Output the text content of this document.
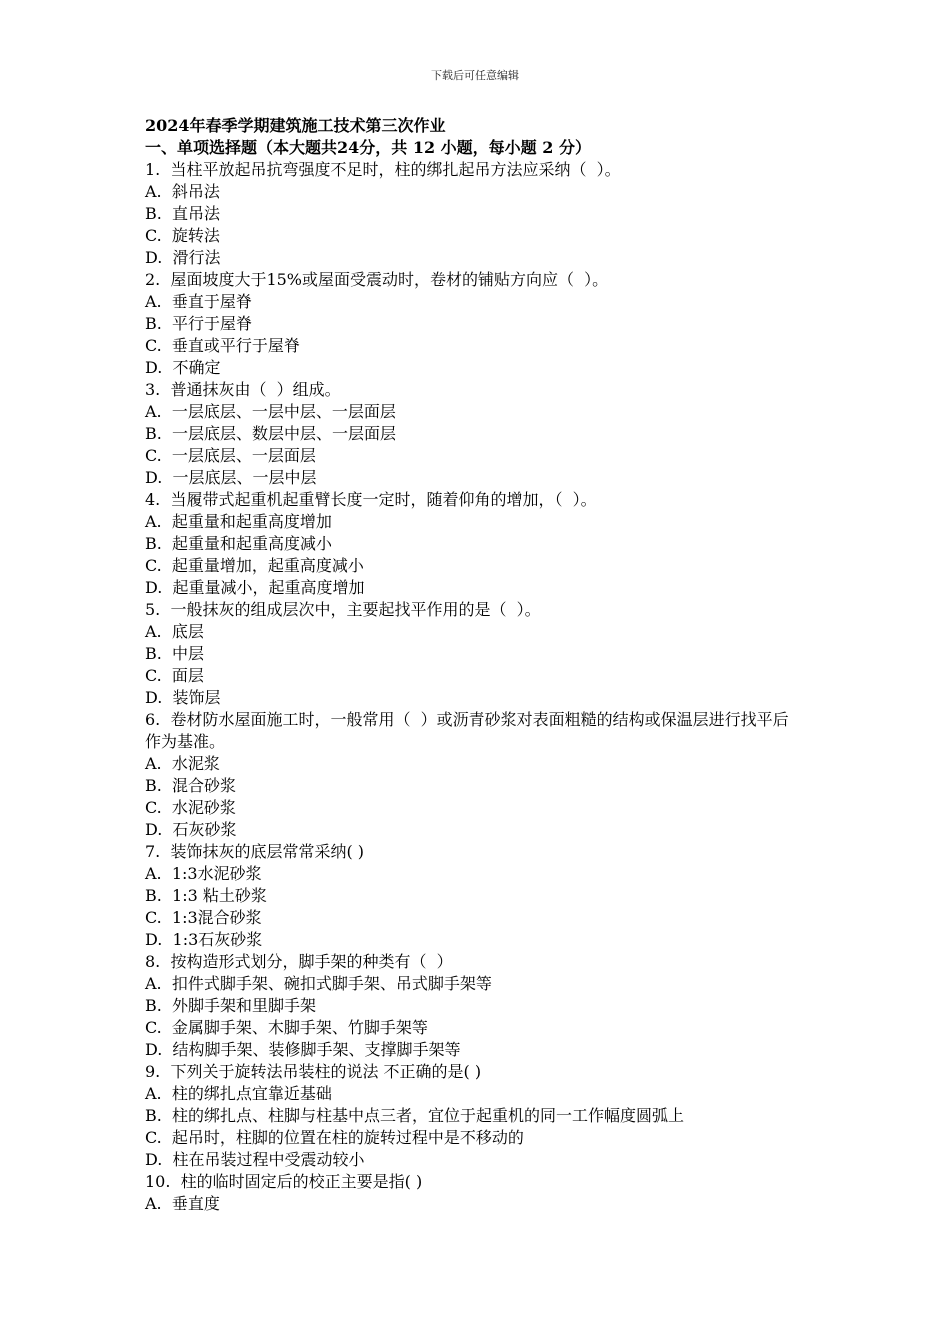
下载后可任意编辑
2024年春季学期建筑施工技术第三次作业
一、单项选择题（本大题共24分，共 12 小题，每小题 2 分）
1.  当柱平放起吊抗弯强度不足时，柱的绑扎起吊方法应采纳（  ）。
A.  斜吊法
B.  直吊法
C.  旋转法
D.  滑行法
2.  屋面坡度大于15%或屋面受震动时，卷材的铺贴方向应（  ）。
A.  垂直于屋脊
B.  平行于屋脊
C.  垂直或平行于屋脊
D.  不确定
3.  普通抹灰由（  ）组成。
A.  一层底层、一层中层、一层面层
B.  一层底层、数层中层、一层面层
C.  一层底层、一层面层
D.  一层底层、一层中层
4.  当履带式起重机起重臂长度一定时，随着仰角的增加，（  ）。
A.  起重量和起重高度增加
B.  起重量和起重高度减小
C.  起重量增加，起重高度减小
D.  起重量减小，起重高度增加
5.  一般抹灰的组成层次中，主要起找平作用的是（  ）。
A.  底层
B.  中层
C.  面层
D.  装饰层
6.  卷材防水屋面施工时，一般常用（  ）或沥青砂浆对表面粗糙的结构或保温层进行找平后作为基准。
A.  水泥浆
B.  混合砂浆
C.  水泥砂浆
D.  石灰砂浆
7.  装饰抹灰的底层常常采纳( )
A.  1:3水泥砂浆
B.  1:3 粘土砂浆
C.  1:3混合砂浆
D.  1:3石灰砂浆
8.  按构造形式划分，脚手架的种类有（  ）
A.  扣件式脚手架、碗扣式脚手架、吊式脚手架等
B.  外脚手架和里脚手架
C.  金属脚手架、木脚手架、竹脚手架等
D.  结构脚手架、装修脚手架、支撑脚手架等
9.  下列关于旋转法吊装柱的说法 不正确的是( )
A.  柱的绑扎点宜靠近基础
B.  柱的绑扎点、柱脚与柱基中点三者，宜位于起重机的同一工作幅度圆弧上
C.  起吊时，柱脚的位置在柱的旋转过程中是不移动的
D.  柱在吊装过程中受震动较小
10.  柱的临时固定后的校正主要是指( )
A.  垂直度
